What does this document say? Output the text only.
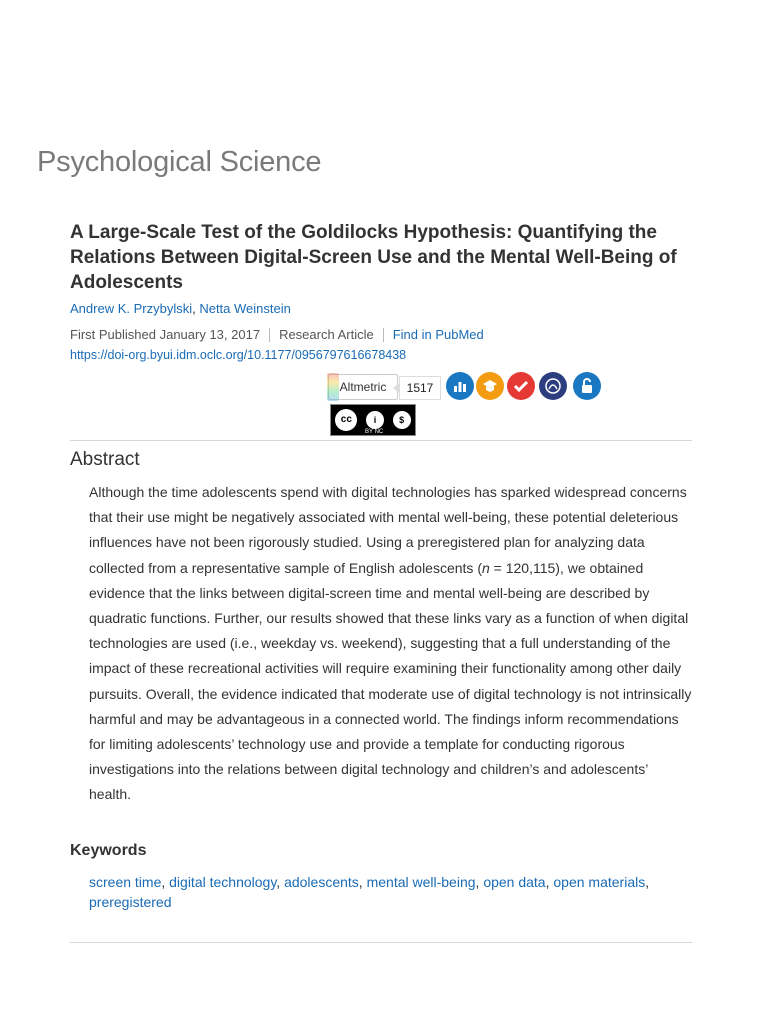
Psychological Science
A Large-Scale Test of the Goldilocks Hypothesis: Quantifying the Relations Between Digital-Screen Use and the Mental Well-Being of Adolescents
Andrew K. Przybylski, Netta Weinstein
First Published January 13, 2017 Research Article Find in PubMed
https://doi-org.byui.idm.oclc.org/10.1177/0956797616678438
Altmetric	1517
cc	i	$
BY NC
Abstract

Although the time adolescents spend with digital technologies has sparked widespread concerns that their use might be negatively associated with mental well-being, these potential deleterious influences have not been rigorously studied. Using a preregistered plan for analyzing data collected from a representative sample of English adolescents (n = 120,115), we obtained evidence that the links between digital-screen time and mental well-being are described by quadratic functions. Further, our results showed that these links vary as a function of when digital technologies are used (i.e., weekday vs. weekend), suggesting that a full understanding of the impact of these recreational activities will require examining their functionality among other daily pursuits. Overall, the evidence indicated that moderate use of digital technology is not intrinsically harmful and may be advantageous in a connected world. The findings inform recommendations for limiting adolescents’ technology use and provide a template for conducting rigorous investigations into the relations between digital technology and children’s and adolescents’ health.

Keywords
screen time, digital technology, adolescents, mental well-being, open data, open materials, preregistered
